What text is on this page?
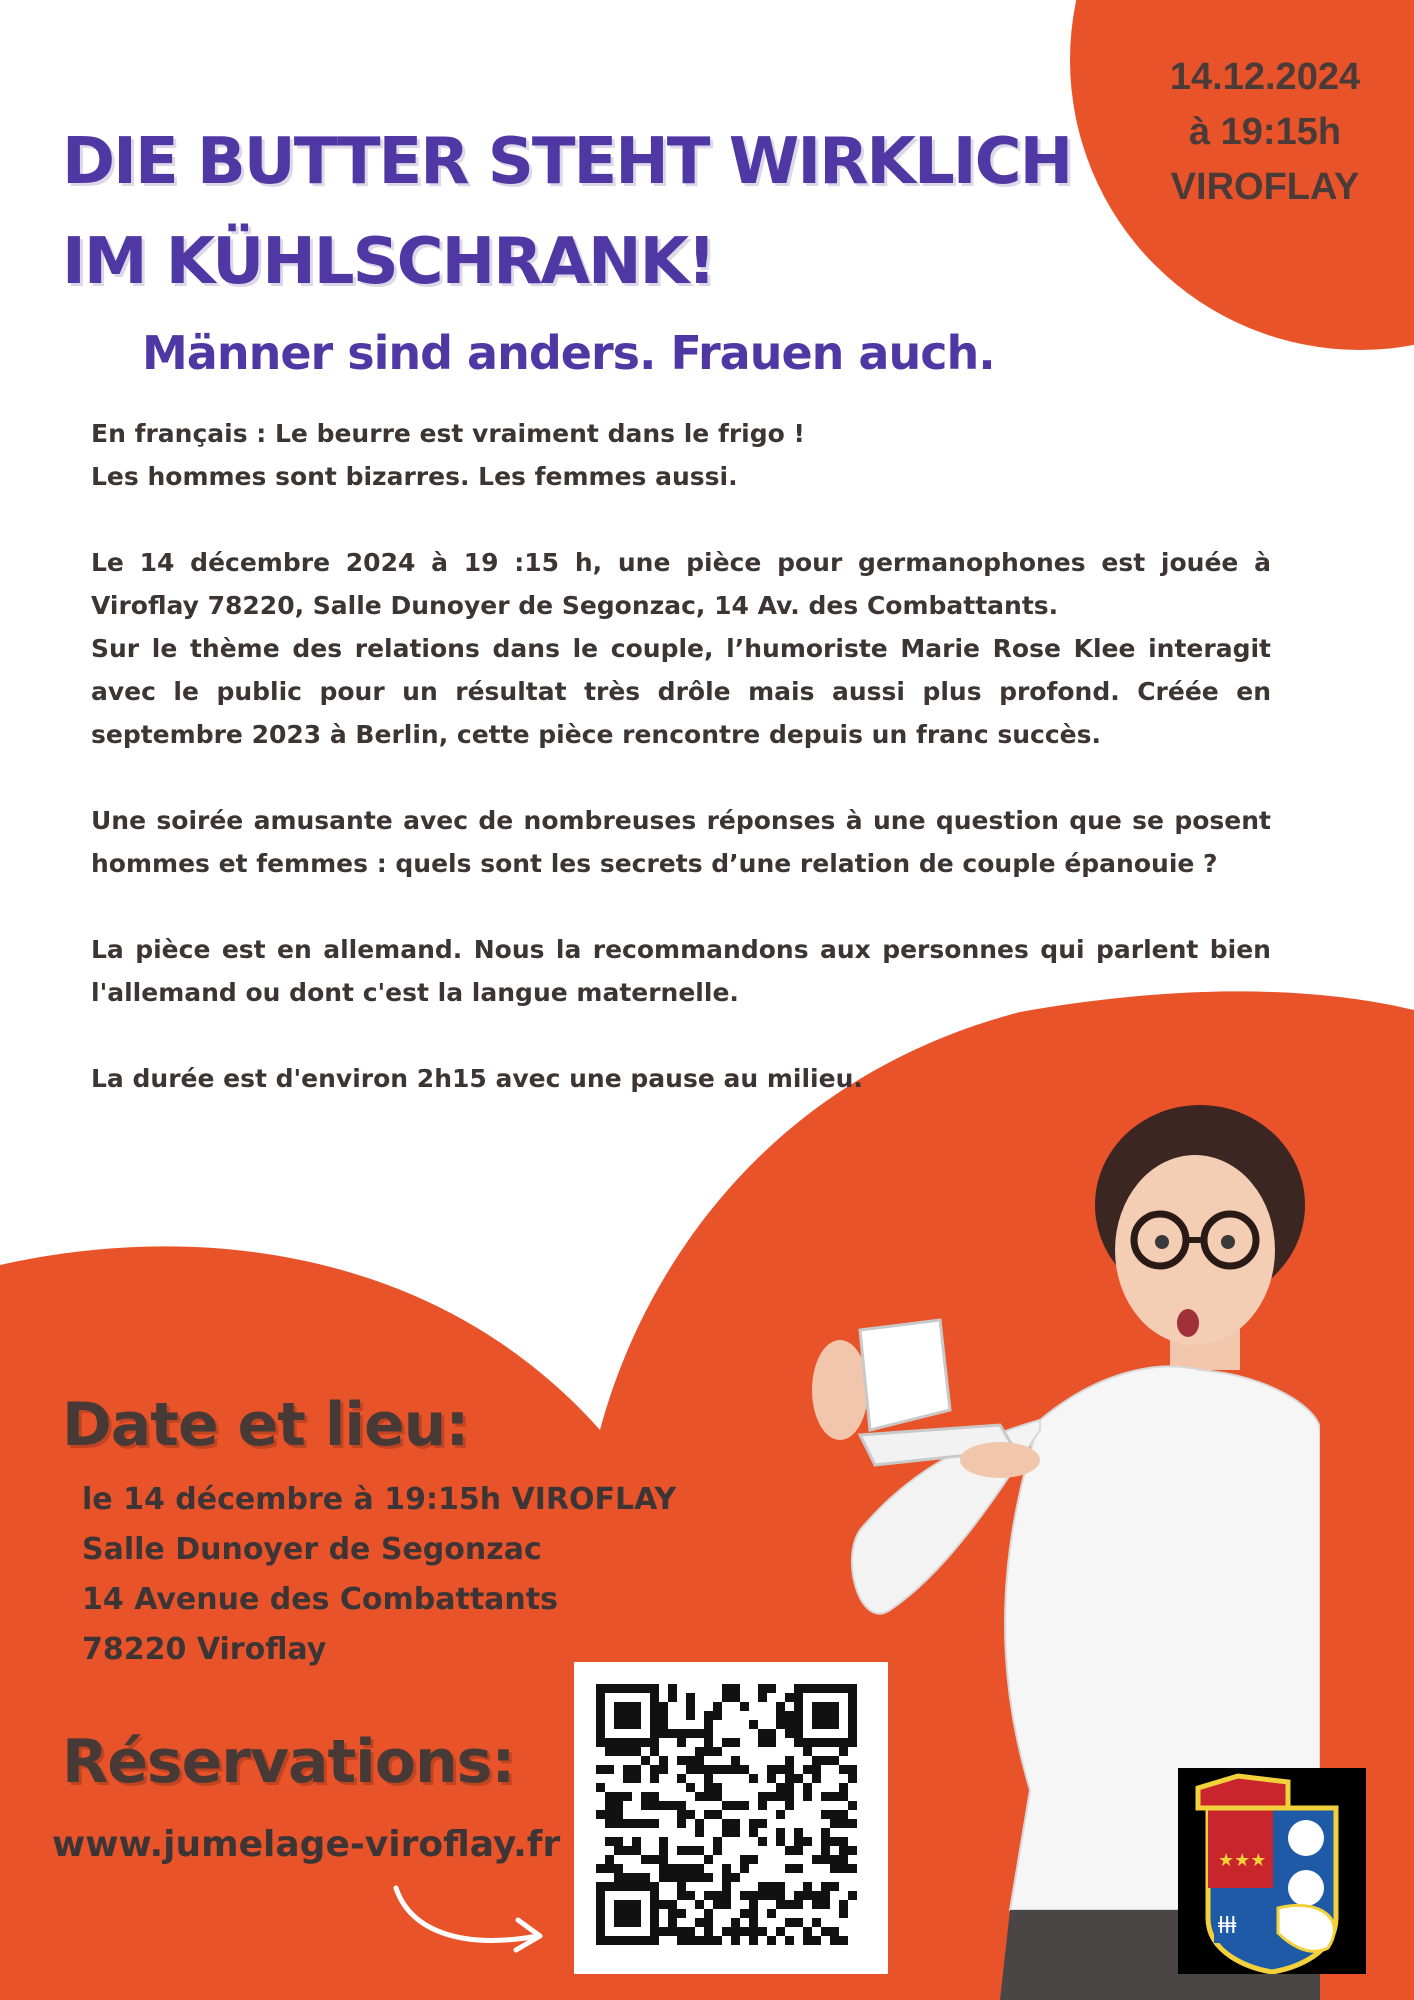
14.12.2024
à 19:15h
VIROFLAY
DIE BUTTER STEHT WIRKLICH
IM KÜHLSCHRANK!
Männer sind anders. Frauen auch.

En français : Le beurre est vraiment dans le frigo !
Les hommes sont bizarres. Les femmes aussi.

Le 14 décembre 2024 à 19 :15 h, une pièce pour germanophones est jouée à Viroflay 78220, Salle Dunoyer de Segonzac, 14 Av. des Combattants.

Sur le thème des relations dans le couple, l’humoriste Marie Rose Klee interagit avec le public pour un résultat très drôle mais aussi plus profond. Créée en septembre 2023 à Berlin, cette pièce rencontre depuis un franc succès.

Une soirée amusante avec de nombreuses réponses à une question que se posent hommes et femmes : quels sont les secrets d’une relation de couple épanouie ?

La pièce est en allemand. Nous la recommandons aux personnes qui parlent bien l'allemand ou dont c'est la langue maternelle.

La durée est d'environ 2h15 avec une pause au milieu.

Date et lieu:
le 14 décembre à 19:15h VIROFLAY
Salle Dunoyer de Segonzac
14 Avenue des Combattants
78220 Viroflay
Réservations:
www.jumelage-viroflay.fr	★★★
ⱡⱡⱡ
